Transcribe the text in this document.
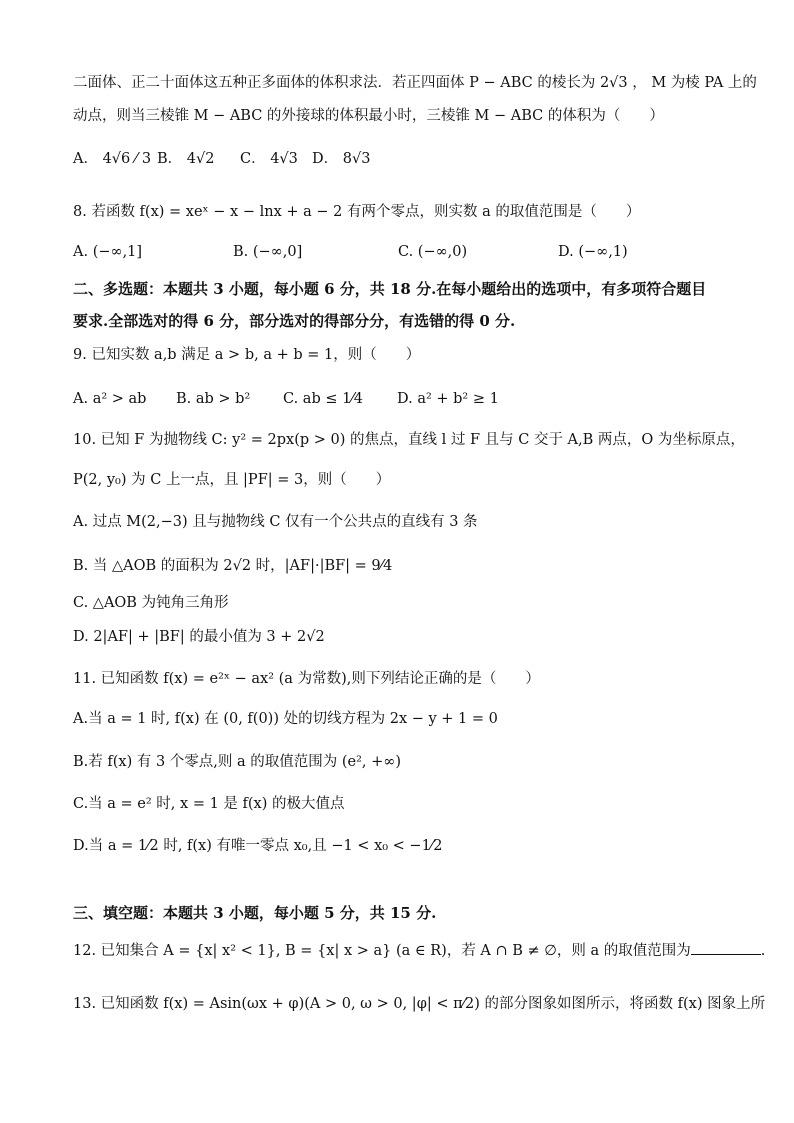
二面体、正二十面体这五种正多面体的体积求法．若正四面体 P − ABC 的棱长为 2√3 ， M 为棱 PA 上的
动点，则当三棱锥 M − ABC 的外接球的体积最小时，三棱锥 M − ABC 的体积为（　　）
A． 4√6 ⁄ 3 B． 4√2 C． 4√3 D． 8√3
8. 若函数 f(x) = xeˣ − x − lnx + a − 2 有两个零点，则实数 a 的取值范围是（　　）
A. (−∞,1]	B. (−∞,0]	C. (−∞,0)	D. (−∞,1)
二、多选题：本题共 3 小题，每小题 6 分，共 18 分.在每小题给出的选项中，有多项符合题目
要求.全部选对的得 6 分，部分选对的得部分分，有选错的得 0 分.
9. 已知实数 a,b 满足 a > b, a + b = 1，则（　　）
A. a² > ab B. ab > b² C. ab ≤ 1⁄4 D. a² + b² ≥ 1
10. 已知 F 为抛物线 C: y² = 2px(p > 0) 的焦点，直线 l 过 F 且与 C 交于 A,B 两点，O 为坐标原点，
P(2, y₀) 为 C 上一点，且 |PF| = 3，则（　　）
A. 过点 M(2,−3) 且与抛物线 C 仅有一个公共点的直线有 3 条
B. 当 △AOB 的面积为 2√2 时，|AF|·|BF| = 9⁄4
C. △AOB 为钝角三角形
D. 2|AF| + |BF| 的最小值为 3 + 2√2
11. 已知函数 f(x) = e²ˣ − ax² (a 为常数),则下列结论正确的是（　　）
A.当 a = 1 时, f(x) 在 (0, f(0)) 处的切线方程为 2x − y + 1 = 0
B.若 f(x) 有 3 个零点,则 a 的取值范围为 (e², +∞)
C.当 a = e² 时, x = 1 是 f(x) 的极大值点
D.当 a = 1⁄2 时, f(x) 有唯一零点 x₀,且 −1 < x₀ < −1⁄2
三、填空题：本题共 3 小题，每小题 5 分，共 15 分.
12. 已知集合 A = {x| x² < 1}, B = {x| x > a} (a ∈ R)，若 A ∩ B ≠ ∅，则 a 的取值范围为	.
13. 已知函数 f(x) = Asin(ωx + φ)(A > 0, ω > 0, |φ| < π⁄2) 的部分图象如图所示，将函数 f(x) 图象上所
